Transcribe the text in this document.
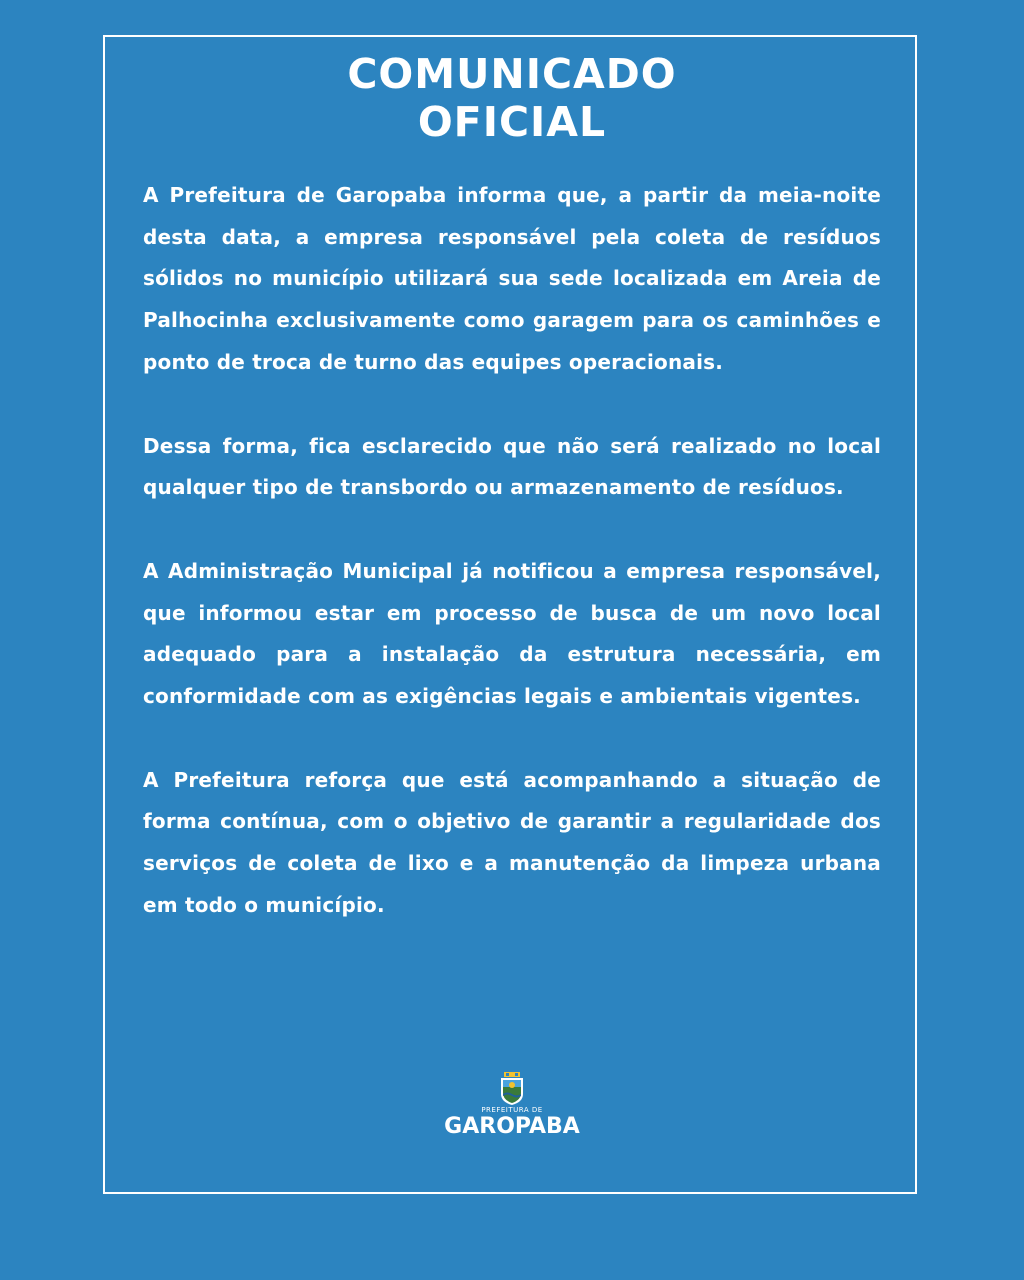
COMUNICADO
OFICIAL

A Prefeitura de Garopaba informa que, a partir da meia-noite desta data, a empresa responsável pela coleta de resíduos sólidos no município utilizará sua sede localizada em Areia de Palhocinha exclusivamente como garagem para os caminhões e ponto de troca de turno das equipes operacionais.

Dessa forma, fica esclarecido que não será realizado no local qualquer tipo de transbordo ou armazenamento de resíduos.

A Administração Municipal já notificou a empresa responsável, que informou estar em processo de busca de um novo local adequado para a instalação da estrutura necessária, em conformidade com as exigências legais e ambientais vigentes.

A Prefeitura reforça que está acompanhando a situação de forma contínua, com o objetivo de garantir a regularidade dos serviços de coleta de lixo e a manutenção da limpeza urbana em todo o município.

PREFEITURA DE
GAROPABA
